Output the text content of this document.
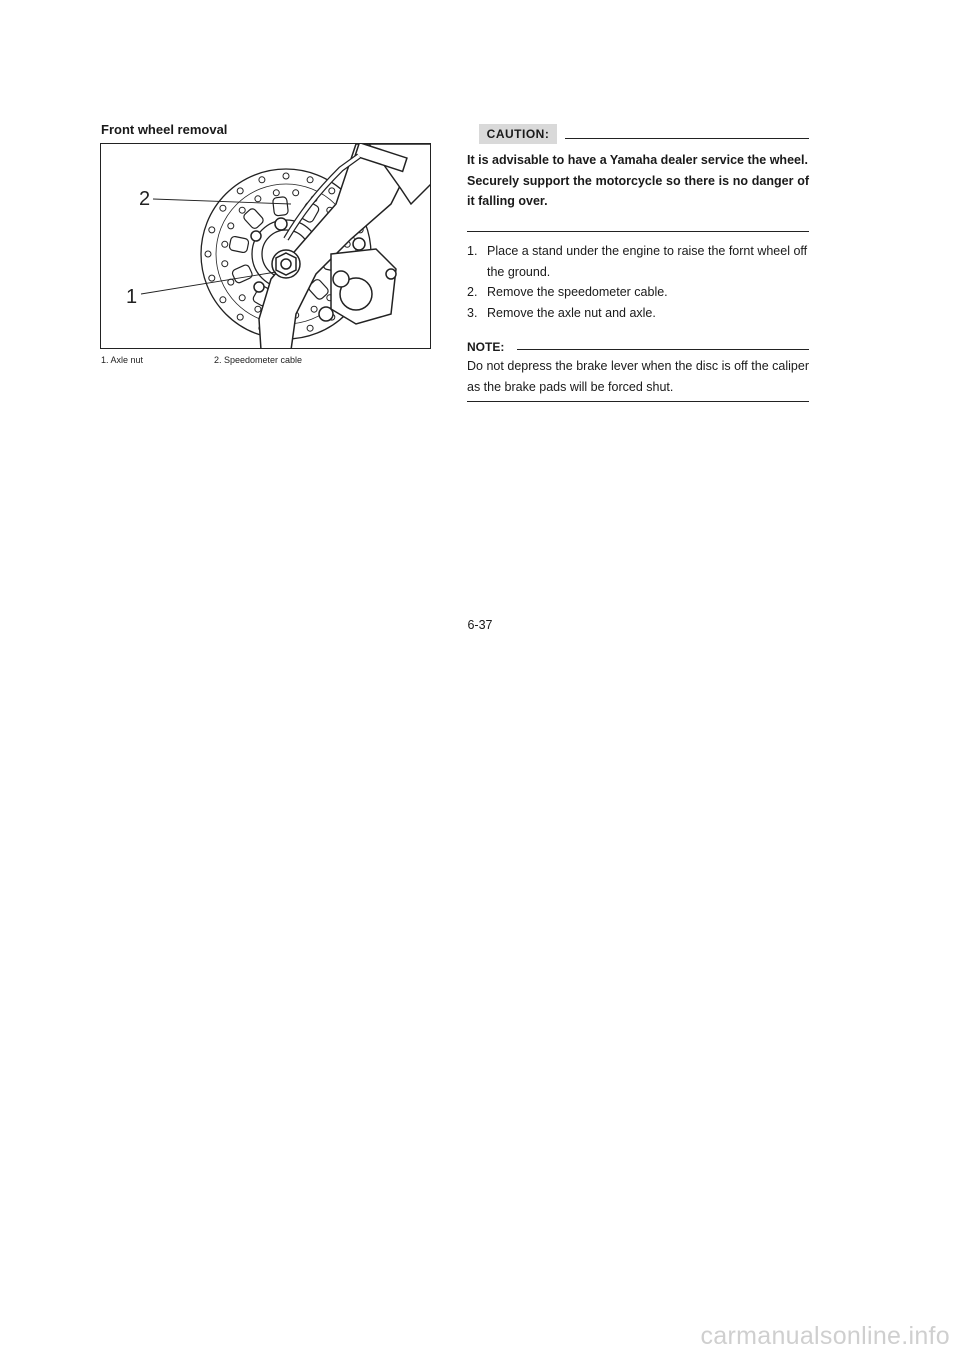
Front wheel removal
2
1
1. Axle nut	2. Speedometer cable
CAUTION:

It is advisable to have a Yamaha dealer service the wheel.

Securely support the motorcycle so there is no danger of it falling over.

1. Place a stand under the engine to raise the fornt wheel off the ground.
2. Remove the speedometer cable.
3. Remove the axle nut and axle.
NOTE:

Do not depress the brake lever when the disc is off the caliper as the brake pads will be forced shut.

6-37
carmanualsonline.info
